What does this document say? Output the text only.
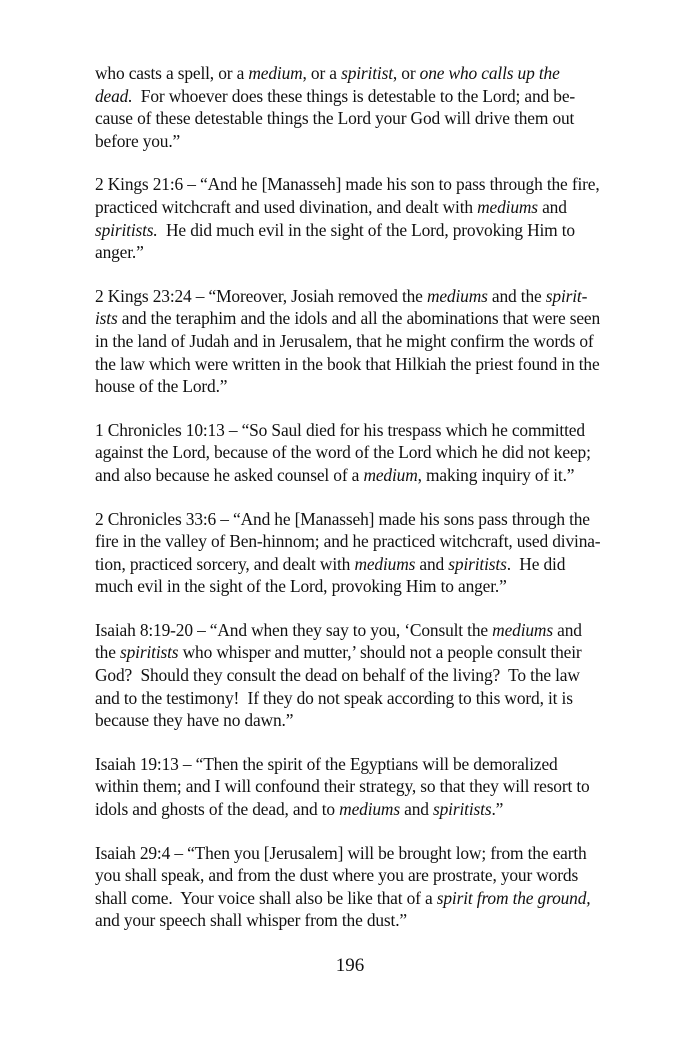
who casts a spell, or a medium, or a spiritist, or one who calls up the
dead.  For whoever does these things is detestable to the Lord; and be-
cause of these detestable things the Lord your God will drive them out
before you.”
2 Kings 21:6 – “And he [Manasseh] made his son to pass through the fire,
practiced witchcraft and used divination, and dealt with mediums and
spiritists.  He did much evil in the sight of the Lord, provoking Him to
anger.”
2 Kings 23:24 – “Moreover, Josiah removed the mediums and the spirit-
ists and the teraphim and the idols and all the abominations that were seen
in the land of Judah and in Jerusalem, that he might confirm the words of
the law which were written in the book that Hilkiah the priest found in the
house of the Lord.”
1 Chronicles 10:13 – “So Saul died for his trespass which he committed
against the Lord, because of the word of the Lord which he did not keep;
and also because he asked counsel of a medium, making inquiry of it.”
2 Chronicles 33:6 – “And he [Manasseh] made his sons pass through the
fire in the valley of Ben-hinnom; and he practiced witchcraft, used divina-
tion, practiced sorcery, and dealt with mediums and spiritists.  He did
much evil in the sight of the Lord, provoking Him to anger.”
Isaiah 8:19-20 – “And when they say to you, ‘Consult the mediums and
the spiritists who whisper and mutter,’ should not a people consult their
God?  Should they consult the dead on behalf of the living?  To the law
and to the testimony!  If they do not speak according to this word, it is
because they have no dawn.”
Isaiah 19:13 – “Then the spirit of the Egyptians will be demoralized
within them; and I will confound their strategy, so that they will resort to
idols and ghosts of the dead, and to mediums and spiritists.”
Isaiah 29:4 – “Then you [Jerusalem] will be brought low; from the earth
you shall speak, and from the dust where you are prostrate, your words
shall come.  Your voice shall also be like that of a spirit from the ground,
and your speech shall whisper from the dust.”
196
